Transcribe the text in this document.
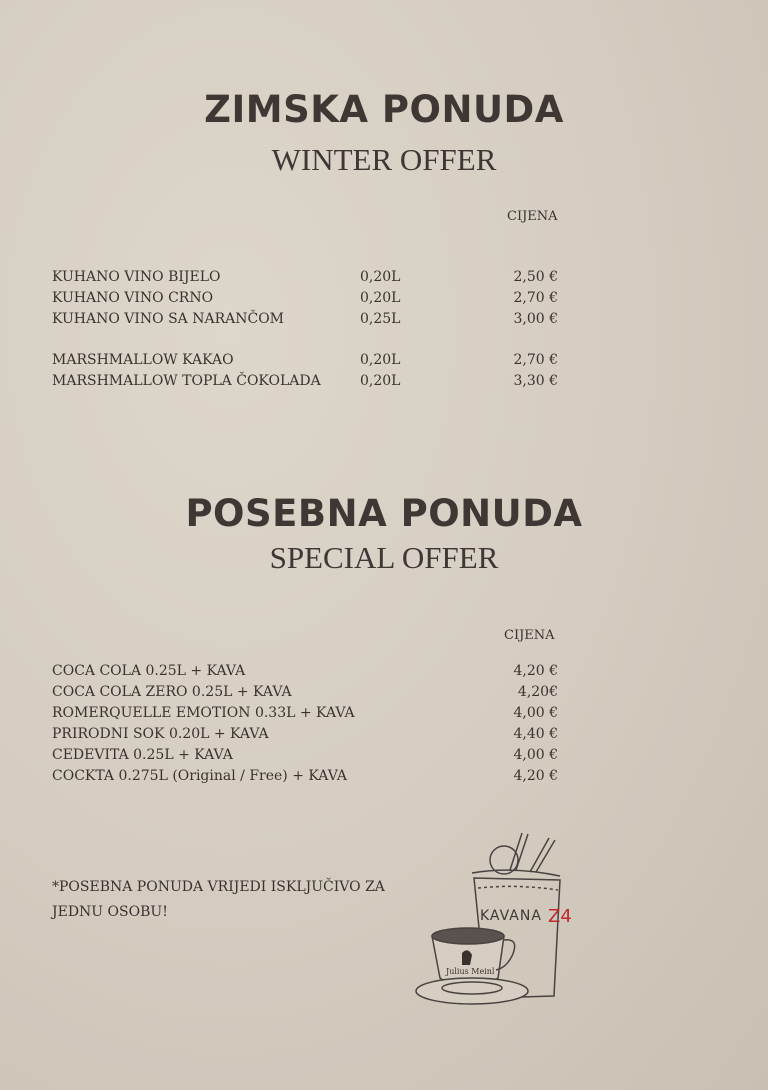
ZIMSKA PONUDA
WINTER OFFER
CIJENA
KUHANO VINO BIJELO	0,20L	2,50 €
KUHANO VINO CRNO	0,20L	2,70 €
KUHANO VINO SA NARANČOM	0,25L	3,00 €
MARSHMALLOW KAKAO	0,20L	2,70 €
MARSHMALLOW TOPLA ČOKOLADA	0,20L	3,30 €
POSEBNA PONUDA
SPECIAL OFFER
CIJENA
COCA COLA 0.25L + KAVA	4,20 €
COCA COLA ZERO 0.25L + KAVA	4,20€
ROMERQUELLE EMOTION 0.33L + KAVA	4,00 €
PRIRODNI SOK 0.20L + KAVA	4,40 €
CEDEVITA 0.25L + KAVA	4,00 €
COCKTA 0.275L (Original / Free) + KAVA	4,20 €
*POSEBNA PONUDA VRIJEDI ISKLJUČIVO ZA
JEDNU OSOBU!	KAVANA Z4
Julius Meinl
